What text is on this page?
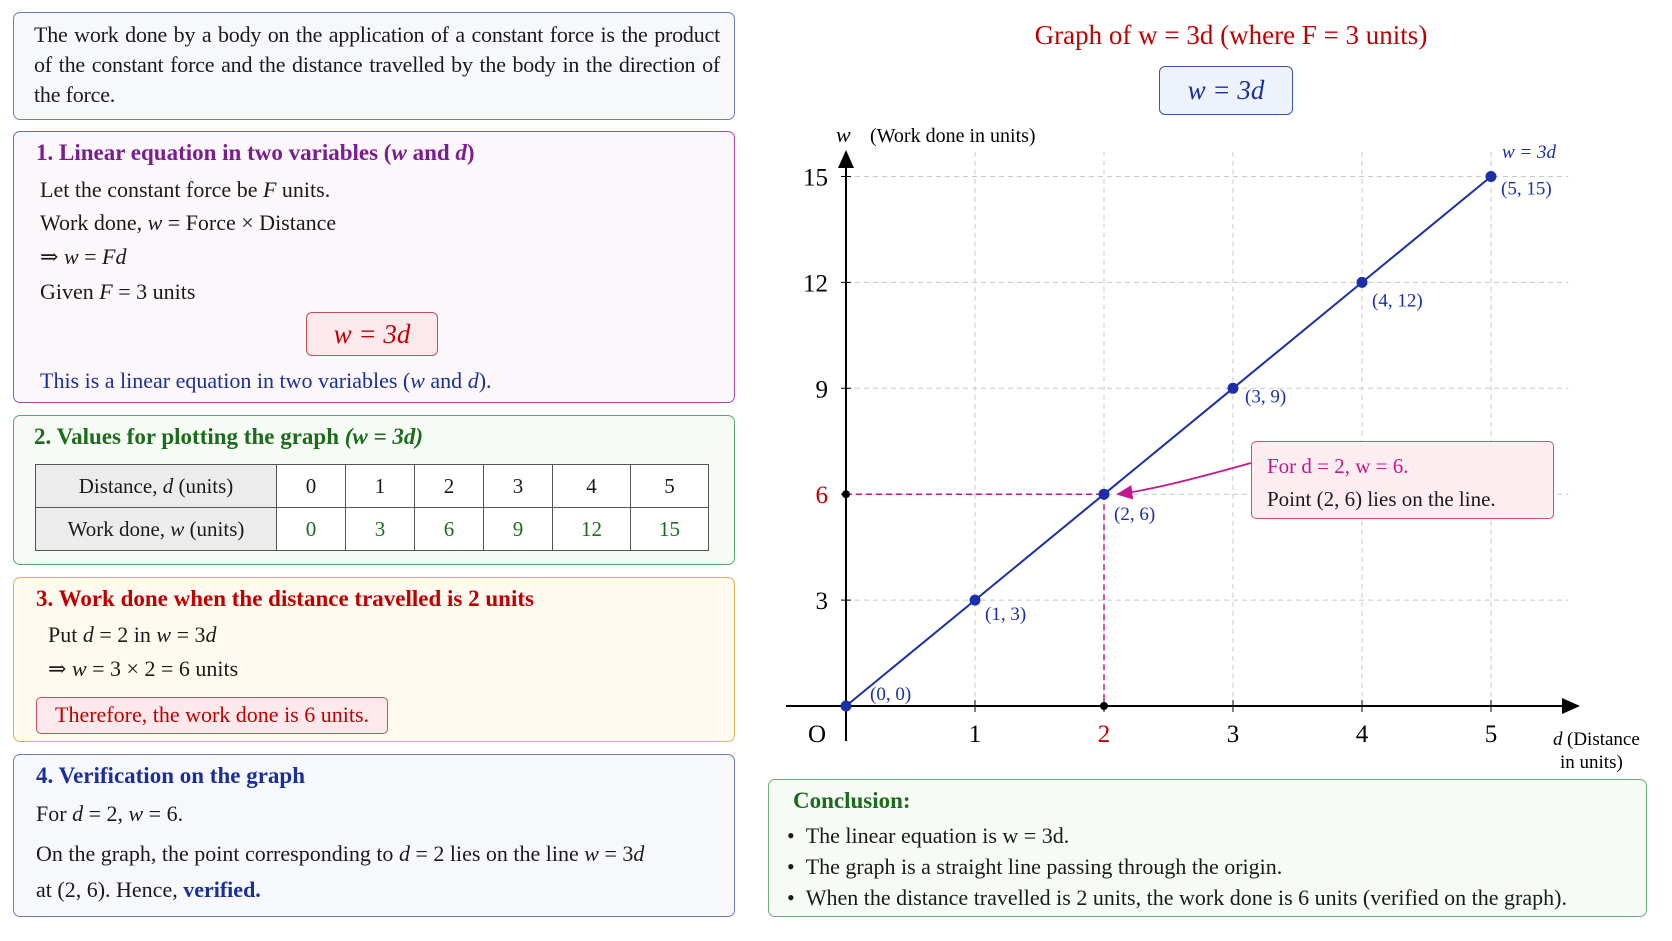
The work done by a body on the application of a constant force is the product of the constant force and the distance travelled by the body in the direction of the force.
1. Linear equation in two variables (w and d)
Let the constant force be F units.
Work done, w = Force × Distance
⇒ w = Fd
Given F = 3 units
w = 3d
This is a linear equation in two variables (w and d).
2. Values for plotting the graph (w = 3d)
Distance, d (units)	0	1	2	3	4	5
Work done, w (units)	0	3	6	9	12	15
3. Work done when the distance travelled is 2 units
Put d = 2 in w = 3d
⇒ w = 3 × 2 = 6 units
Therefore, the work done is 6 units.
4. Verification on the graph
For d = 2, w = 6.
On the graph, the point corresponding to d = 2 lies on the line w = 3d
at (2, 6). Hence, verified.
Graph of w = 3d (where F = 3 units)
w = 3d
1	2	3	4	5
3
6
9
12
15
O
w (Work done in units)
d (Distance
in units)
(0, 0)
(1, 3)
(2, 6)
(3, 9)
(4, 12)
(5, 15)
w = 3d
For d = 2, w = 6.
Point (2, 6) lies on the line.
Conclusion:
•  The linear equation is w = 3d.
•  The graph is a straight line passing through the origin.
•  When the distance travelled is 2 units, the work done is 6 units (verified on the graph).
